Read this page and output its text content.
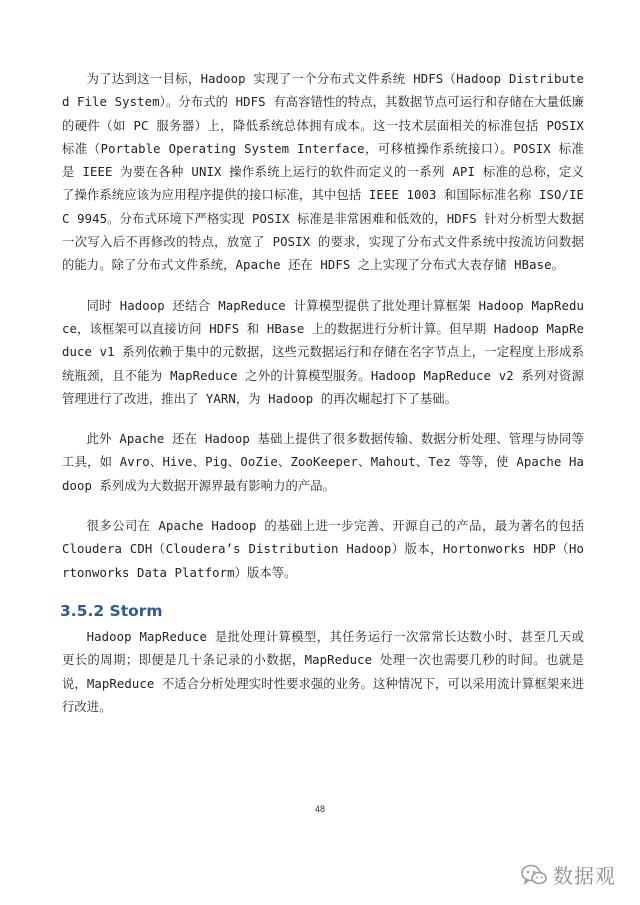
为了达到这一目标，Hadoop 实现了一个分布式文件系统 HDFS（Hadoop Distributed File System）。分布式的 HDFS 有高容错性的特点，其数据节点可运行和存储在大量低廉的硬件（如 PC 服务器）上，降低系统总体拥有成本。这一技术层面相关的标准包括 POSIX 标准（Portable Operating System Interface，可移植操作系统接口）。POSIX 标准是 IEEE 为要在各种 UNIX 操作系统上运行的软件而定义的一系列 API 标准的总称，定义了操作系统应该为应用程序提供的接口标准，其中包括 IEEE 1003 和国际标准名称 ISO/IEC 9945。分布式环境下严格实现 POSIX 标准是非常困难和低效的，HDFS 针对分析型大数据一次写入后不再修改的特点，放宽了 POSIX 的要求，实现了分布式文件系统中按流访问数据的能力。除了分布式文件系统，Apache 还在 HDFS 之上实现了分布式大表存储 HBase。

同时 Hadoop 还结合 MapReduce 计算模型提供了批处理计算框架 Hadoop MapReduce，该框架可以直接访问 HDFS 和 HBase 上的数据进行分析计算。但早期 Hadoop MapReduce v1 系列依赖于集中的元数据，这些元数据运行和存储在名字节点上，一定程度上形成系统瓶颈，且不能为 MapReduce 之外的计算模型服务。Hadoop MapReduce v2 系列对资源管理进行了改进，推出了 YARN，为 Hadoop 的再次崛起打下了基础。

此外 Apache 还在 Hadoop 基础上提供了很多数据传输、数据分析处理、管理与协同等工具，如 Avro、Hive、Pig、OoZie、ZooKeeper、Mahout、Tez 等等，使 Apache Hadoop 系列成为大数据开源界最有影响力的产品。

很多公司在 Apache Hadoop 的基础上进一步完善、开源自己的产品，最为著名的包括 Cloudera CDH（Cloudera’s Distribution Hadoop）版本，Hortonworks HDP（Hortonworks Data Platform）版本等。

3.5.2 Storm

Hadoop MapReduce 是批处理计算模型，其任务运行一次常常长达数小时、甚至几天或更长的周期；即便是几十条记录的小数据，MapReduce 处理一次也需要几秒的时间。也就是说，MapReduce 不适合分析处理实时性要求强的业务。这种情况下，可以采用流计算框架来进行改进。

48
数据观
